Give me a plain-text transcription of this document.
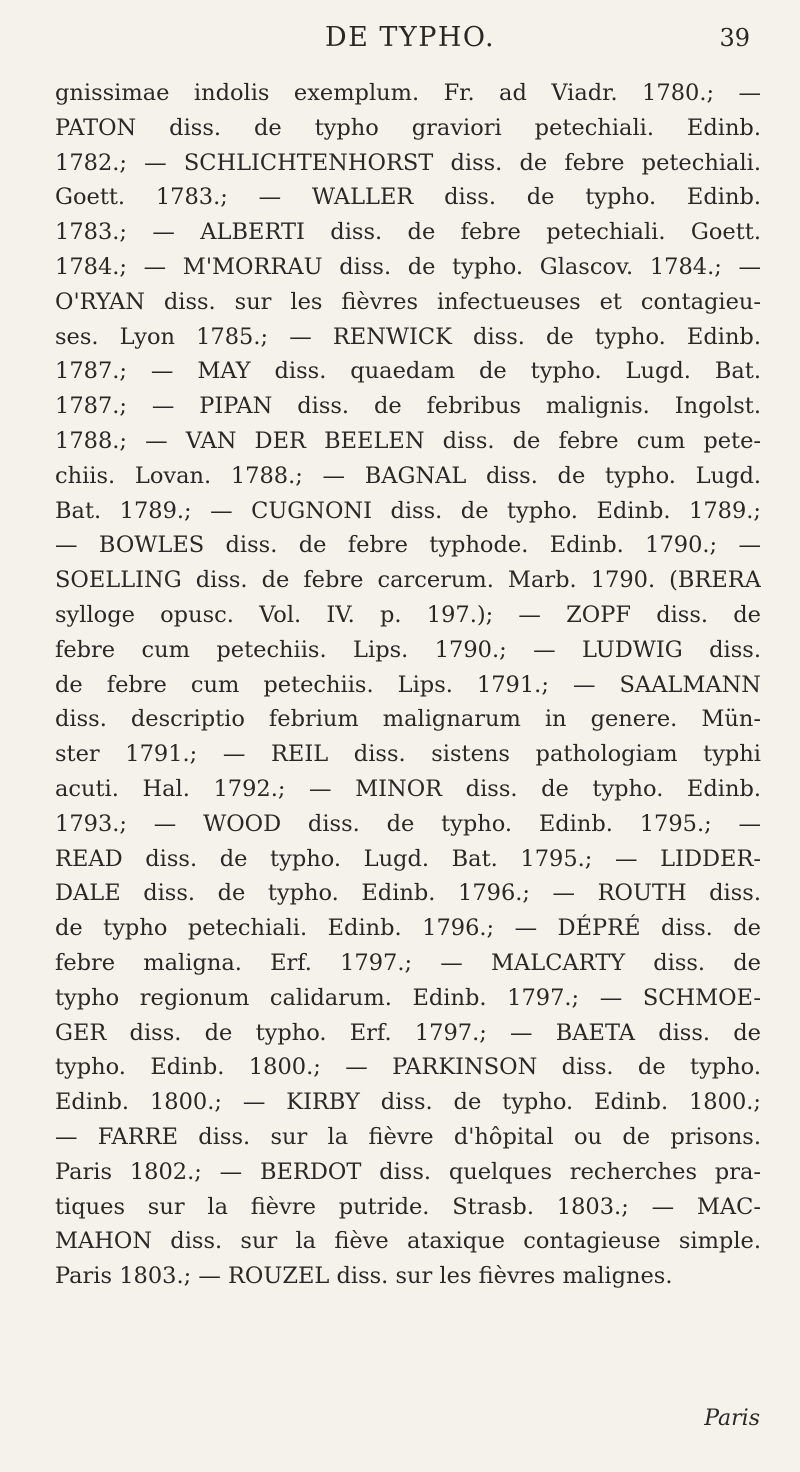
DE TYPHO.	39
gnissimae indolis exemplum. Fr. ad Viadr. 1780.; —
PATON diss. de typho graviori petechiali. Edinb.
1782.; — SCHLICHTENHORST diss. de febre petechiali.
Goett. 1783.; — WALLER diss. de typho. Edinb.
1783.; — ALBERTI diss. de febre petechiali. Goett.
1784.; — M'MORRAU diss. de typho. Glascov. 1784.; —
O'RYAN diss. sur les fièvres infectueuses et contagieu-
ses. Lyon 1785.; — RENWICK diss. de typho. Edinb.
1787.; — MAY diss. quaedam de typho. Lugd. Bat.
1787.; — PIPAN diss. de febribus malignis. Ingolst.
1788.; — VAN DER BEELEN diss. de febre cum pete-
chiis. Lovan. 1788.; — BAGNAL diss. de typho. Lugd.
Bat. 1789.; — CUGNONI diss. de typho. Edinb. 1789.;
— BOWLES diss. de febre typhode. Edinb. 1790.; —
SOELLING diss. de febre carcerum. Marb. 1790. (BRERA
sylloge opusc. Vol. IV. p. 197.); — ZOPF diss. de
febre cum petechiis. Lips. 1790.; — LUDWIG diss.
de febre cum petechiis. Lips. 1791.; — SAALMANN
diss. descriptio febrium malignarum in genere. Mün-
ster 1791.; — REIL diss. sistens pathologiam typhi
acuti. Hal. 1792.; — MINOR diss. de typho. Edinb.
1793.; — WOOD diss. de typho. Edinb. 1795.; —
READ diss. de typho. Lugd. Bat. 1795.; — LIDDER-
DALE diss. de typho. Edinb. 1796.; — ROUTH diss.
de typho petechiali. Edinb. 1796.; — DÉPRÉ diss. de
febre maligna. Erf. 1797.; — MALCARTY diss. de
typho regionum calidarum. Edinb. 1797.; — SCHMOE-
GER diss. de typho. Erf. 1797.; — BAETA diss. de
typho. Edinb. 1800.; — PARKINSON diss. de typho.
Edinb. 1800.; — KIRBY diss. de typho. Edinb. 1800.;
— FARRE diss. sur la fièvre d'hôpital ou de prisons.
Paris 1802.; — BERDOT diss. quelques recherches pra-
tiques sur la fièvre putride. Strasb. 1803.; — MAC-
MAHON diss. sur la fiève ataxique contagieuse simple.
Paris 1803.; — ROUZEL diss. sur les fièvres malignes.
Paris
